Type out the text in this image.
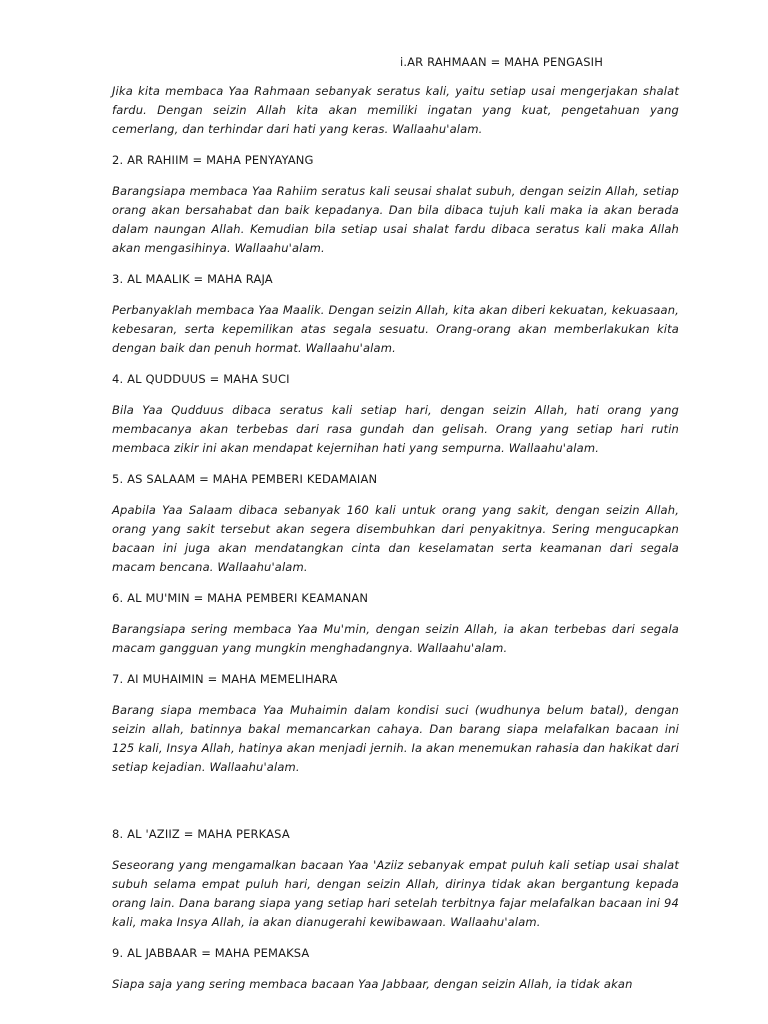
i.AR RAHMAAN = MAHA PENGASIH

Jika kita membaca Yaa Rahmaan sebanyak seratus kali, yaitu setiap usai mengerjakan shalat fardu. Dengan seizin Allah kita akan memiliki ingatan yang kuat, pengetahuan yang cemerlang, dan terhindar dari hati yang keras. Wallaahu'alam.

2. AR RAHIIM = MAHA PENYAYANG

Barangsiapa membaca Yaa Rahiim seratus kali seusai shalat subuh, dengan seizin Allah, setiap orang akan bersahabat dan baik kepadanya. Dan bila dibaca tujuh kali maka ia akan berada dalam naungan Allah. Kemudian bila setiap usai shalat fardu dibaca seratus kali maka Allah akan mengasihinya. Wallaahu'alam.

3. AL MAALIK = MAHA RAJA

Perbanyaklah membaca Yaa Maalik. Dengan seizin Allah, kita akan diberi kekuatan, kekuasaan, kebesaran, serta kepemilikan atas segala sesuatu. Orang-orang akan memberlakukan kita dengan baik dan penuh hormat. Wallaahu'alam.

4. AL QUDDUUS = MAHA SUCI

Bila Yaa Qudduus dibaca seratus kali setiap hari, dengan seizin Allah, hati orang yang membacanya akan terbebas dari rasa gundah dan gelisah. Orang yang setiap hari rutin membaca zikir ini akan mendapat kejernihan hati yang sempurna. Wallaahu'alam.

5. AS SALAAM = MAHA PEMBERI KEDAMAIAN

Apabila Yaa Salaam dibaca sebanyak 160 kali untuk orang yang sakit, dengan seizin Allah, orang yang sakit tersebut akan segera disembuhkan dari penyakitnya. Sering mengucapkan bacaan ini juga akan mendatangkan cinta dan keselamatan serta keamanan dari segala macam bencana. Wallaahu'alam.

6. AL MU'MIN = MAHA PEMBERI KEAMANAN

Barangsiapa sering membaca Yaa Mu'min, dengan seizin Allah, ia akan terbebas dari segala macam gangguan yang mungkin menghadangnya. Wallaahu'alam.

7. AI MUHAIMIN = MAHA MEMELIHARA

Barang siapa membaca Yaa Muhaimin dalam kondisi suci (wudhunya belum batal), dengan seizin allah, batinnya bakal memancarkan cahaya. Dan barang siapa melafalkan bacaan ini 125 kali, Insya Allah, hatinya akan menjadi jernih. Ia akan menemukan rahasia dan hakikat dari setiap kejadian. Wallaahu'alam.

8. AL 'AZIIZ = MAHA PERKASA

Seseorang yang mengamalkan bacaan Yaa 'Aziiz sebanyak empat puluh kali setiap usai shalat subuh selama empat puluh hari, dengan seizin Allah, dirinya tidak akan bergantung kepada orang lain. Dana barang siapa yang setiap hari setelah terbitnya fajar melafalkan bacaan ini 94 kali, maka Insya Allah, ia akan dianugerahi kewibawaan. Wallaahu'alam.

9. AL JABBAAR = MAHA PEMAKSA

Siapa saja yang sering membaca bacaan Yaa Jabbaar, dengan seizin Allah, ia tidak akan
